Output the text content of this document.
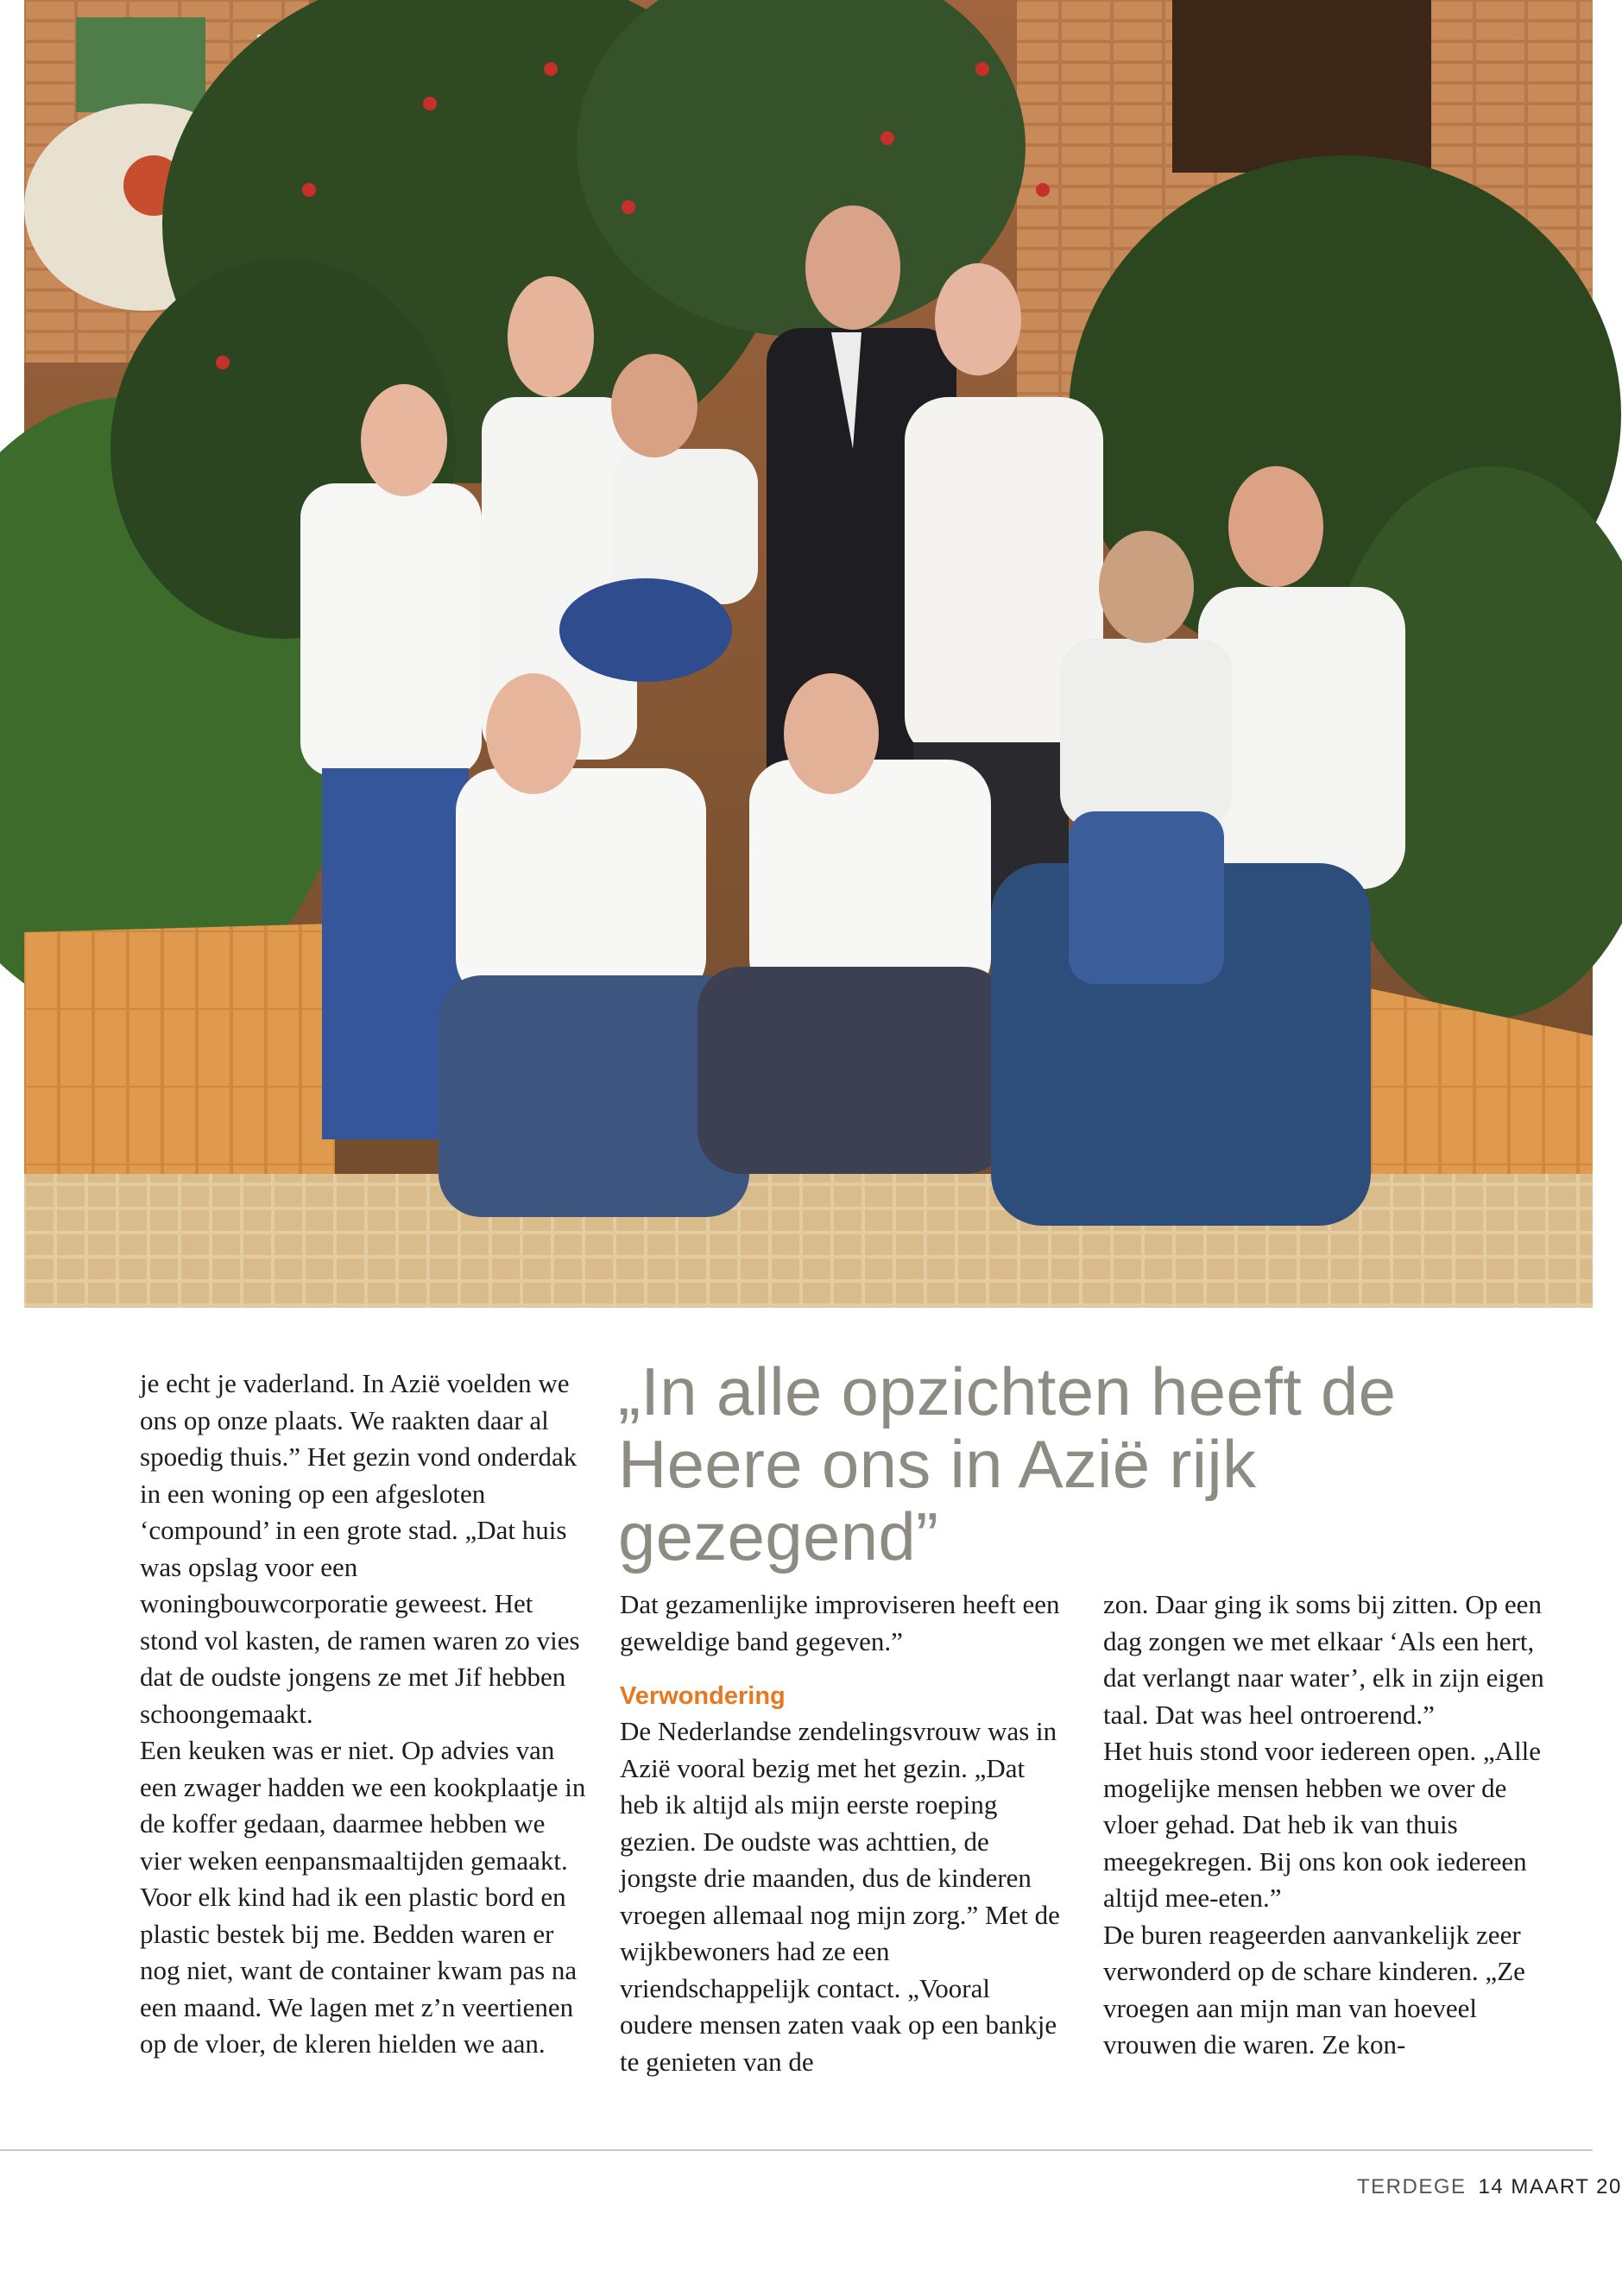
je echt je vaderland. In Azië voelden we ons op onze plaats. We raakten daar al spoedig thuis.” Het gezin vond onderdak in een woning op een afgesloten ‘compound’ in een grote stad. „Dat huis was opslag voor een woningbouwcorporatie geweest. Het stond vol kasten, de ramen waren zo vies dat de oudste jongens ze met Jif hebben schoongemaakt.

Een keuken was er niet. Op advies van een zwager hadden we een kookplaatje in de koffer gedaan, daarmee hebben we vier weken eenpansmaaltijden gemaakt. Voor elk kind had ik een plastic bord en plastic bestek bij me. Bedden waren er nog niet, want de container kwam pas na een maand. We lagen met z’n veertienen op de vloer, de kleren hielden we aan.

„In alle opzichten heeft de Heere ons in Azië rijk gezegend”

Dat gezamenlijke improviseren heeft een geweldige band gegeven.”

Verwondering

De Nederlandse zendelingsvrouw was in Azië vooral bezig met het gezin. „Dat heb ik altijd als mijn eerste roeping gezien. De oudste was achttien, de jongste drie maanden, dus de kinderen vroegen allemaal nog mijn zorg.” Met de wijkbewoners had ze een vriendschappelijk contact. „Vooral oudere mensen zaten vaak op een bankje te genieten van de

zon. Daar ging ik soms bij zitten. Op een dag zongen we met elkaar ‘Als een hert, dat verlangt naar water’, elk in zijn eigen taal. Dat was heel ontroerend.”

Het huis stond voor iedereen open. „Alle mogelijke mensen hebben we over de vloer gehad. Dat heb ik van thuis meegekregen. Bij ons kon ook iedereen altijd mee-eten.”

De buren reageerden aanvankelijk zeer verwonderd op de schare kinderen. „Ze vroegen aan mijn man van hoeveel vrouwen die waren. Ze kon-

TERDEGE 14 MAART 20
